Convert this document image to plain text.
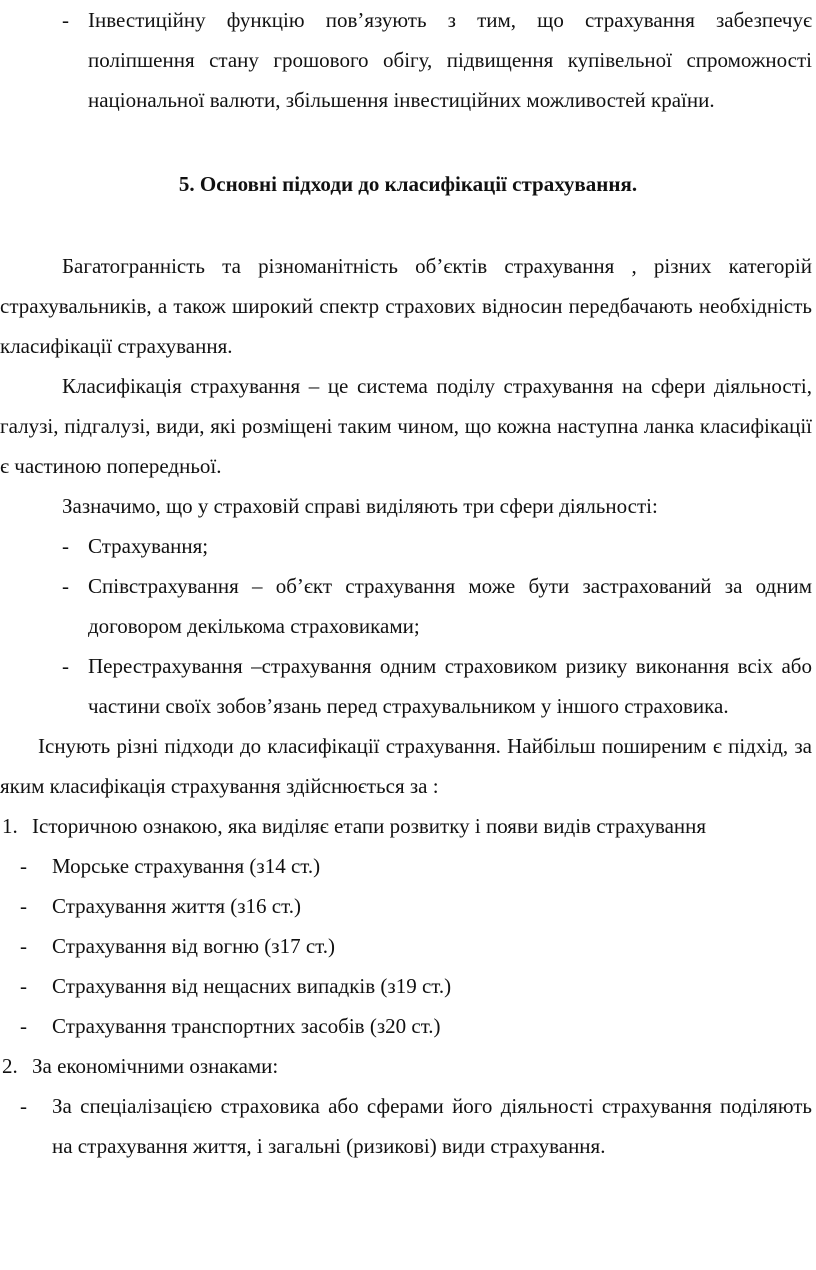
- Інвестиційну функцію пов’язують з тим, що страхування забезпечує поліпшення стану грошового обігу, підвищення купівельної спроможності національної валюти, збільшення інвестиційних можливостей країни.
5. Основні підходи до класифікації страхування.
Багатогранність та різноманітність об’єктів страхування , різних категорій страхувальників, а також широкий спектр страхових відносин передбачають необхідність класифікації страхування.
Класифікація страхування – це система поділу страхування на сфери діяльності, галузі, підгалузі, види, які розміщені таким чином, що кожна наступна ланка класифікації є частиною попередньої.
Зазначимо, що у страховій справі виділяють три сфери діяльності:
- Страхування;
- Співстрахування – об’єкт страхування може бути застрахований за одним договором декількома страховиками;
- Перестрахування –страхування одним страховиком ризику виконання всіх або частини своїх зобов’язань перед страхувальником у іншого страховика.
Існують різні підходи до класифікації страхування. Найбільш поширеним є підхід, за яким класифікація страхування здійснюється за :
1. Історичною ознакою, яка виділяє етапи розвитку і появи видів страхування
- Морське страхування (з14 ст.)
- Страхування життя (з16 ст.)
- Страхування від вогню (з17 ст.)
- Страхування від нещасних випадків (з19 ст.)
- Страхування транспортних засобів (з20 ст.)
2. За економічними ознаками:
- За спеціалізацією страховика або сферами його діяльності страхування поділяють на страхування життя, і загальні (ризикові) види страхування.
